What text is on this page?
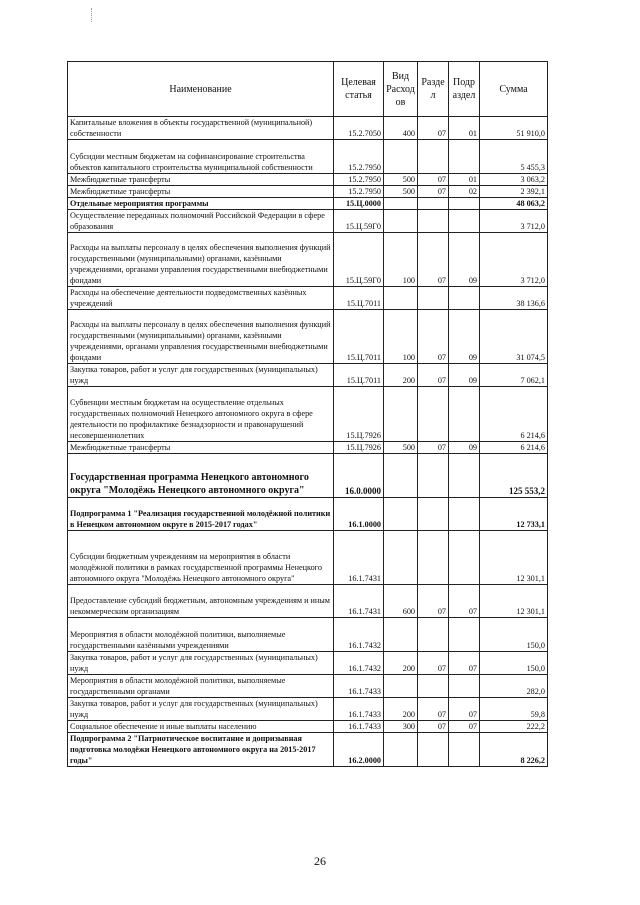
Наименование	Целевая статья	Вид Расход ов	Разде л	Подр аздел	Сумма
Капитальные вложения в объекты государственной (муниципальной) собственности	15.2.7050	400	07	01	51 910,0
Субсидии местным бюджетам на софинансирование строительства объектов капитального строительства муниципальной собственности	15.2.7950				5 455,3
Межбюджетные трансферты	15.2.7950	500	07	01	3 063,2
Межбюджетные трансферты	15.2.7950	500	07	02	2 392,1
Отдельные мероприятия программы	15.Ц.0000				48 063,2
Осуществление переданных полномочий Российской Федерации в сфере образования	15.Ц.59Г0				3 712,0
Расходы на выплаты персоналу в целях обеспечения выполнения функций государственными (муниципальными) органами, казёнными учреждениями, органами управления государственными внебюджетными фондами	15.Ц.59Г0	100	07	09	3 712,0
Расходы на обеспечение деятельности подведомственных казённых учреждений	15.Ц.7011				38 136,6
Расходы на выплаты персоналу в целях обеспечения выполнения функций государственными (муниципальными) органами, казёнными учреждениями, органами управления государственными внебюджетными фондами	15.Ц.7011	100	07	09	31 074,5
Закупка товаров, работ и услуг для государственных (муниципальных) нужд	15.Ц.7011	200	07	09	7 062,1
Субвенции местным бюджетам на осуществление отдельных государственных полномочий Ненецкого автономного округа в сфере деятельности по профилактике безнадзорности и правонарушений несовершеннолетних	15.Ц.7926				6 214,6
Межбюджетные трансферты	15.Ц.7926	500	07	09	6 214,6
Государственная программа Ненецкого автономного округа "Молодёжь Ненецкого автономного округа"	16.0.0000				125 553,2
Подпрограмма 1 "Реализация государственной молодёжной политики в Ненецком автономном округе в 2015-2017 годах"	16.1.0000				12 733,1
Субсидии бюджетным учреждениям на мероприятия в области молодёжной политики в рамках государственной программы Ненецкого автономного округа "Молодёжь Ненецкого автономного округа"	16.1.7431				12 301,1
Предоставление субсидий бюджетным, автономным учреждениям и иным некоммерческим организациям	16.1.7431	600	07	07	12 301,1
Мероприятия в области молодёжной политики, выполняемые государственными казёнными учреждениями	16.1.7432				150,0
Закупка товаров, работ и услуг для государственных (муниципальных) нужд	16.1.7432	200	07	07	150,0
Мероприятия в области молодёжной политики, выполняемые государственными органами	16.1.7433				282,0
Закупка товаров, работ и услуг для государственных (муниципальных) нужд	16.1.7433	200	07	07	59,8
Социальное обеспечение и иные выплаты населению	16.1.7433	300	07	07	222,2
Подпрограмма 2 "Патриотическое воспитание и допризывная подготовка молодёжи Ненецкого автономного округа на 2015-2017 годы"	16.2.0000				8 226,2
26
